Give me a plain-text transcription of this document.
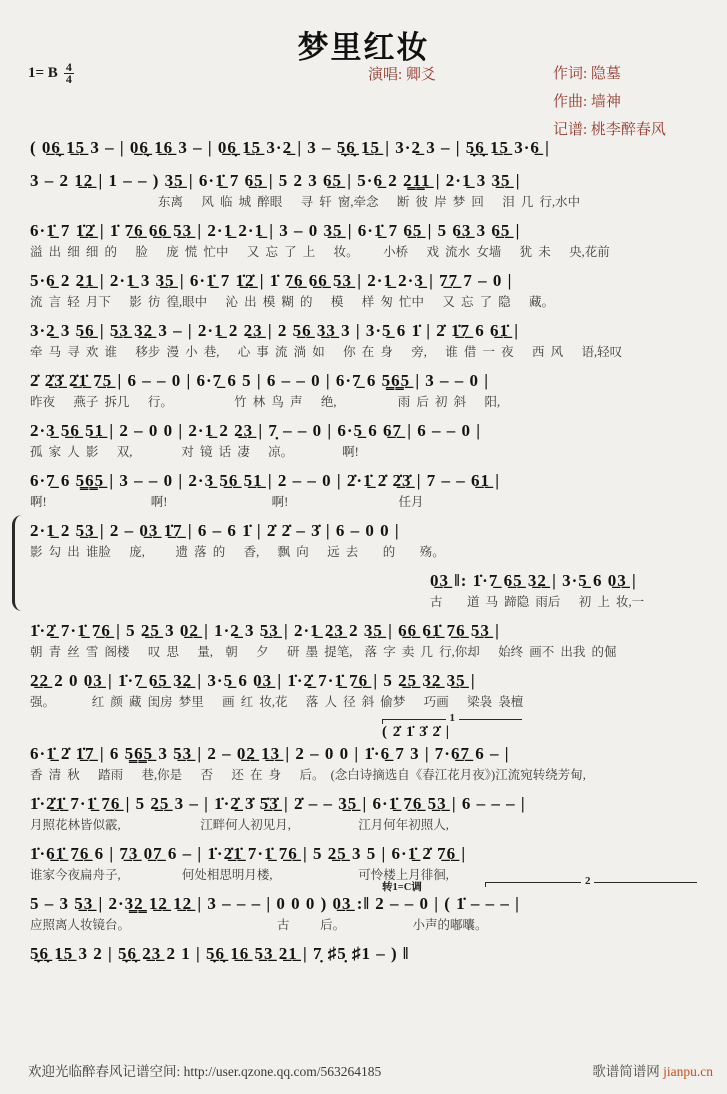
梦里红妆
1= B $\frac{4}{4}$	演唱: 卿爻	作词: 隐墓
作曲: 墙神
记谱: 桃李醉春风
( 0̲6̲̣ 1̲5̲ 3 – | 0̲6̲̣ 1̲6̲ 3 – | 0̲6̲̣ 1̲5̲ 3·2̲ | 3 – 5̲̣6̲̣ 1̲5̲ | 3·2̲ 3 – | 5̲̣6̲̣ 1̲5̲ 3·6̲ |
3 – 2 1̲2̲ | 1 – – ) 3̲5̲ | 6·1̲̇ 7 6̲5̲ | 5 2 3 6̲5̲ | 5·6̲ 2 2̳1̳1̲ | 2·1̲ 3 3̲5̲ |
东离   风 临 城 醉眼   寻 轩 窗,牵念   断 彼 岸 梦 回   泪 几 行,水中
6·1̲̇ 7 1̲̇2̲̇ | 1̇ 7̲6̲ 6̲6̲ 5̲3̲ | 2·1̲ 2·1̲ | 3 – 0 3̲5̲ | 6·1̲̇ 7 6̲5̲ | 5 6̲3̲ 3 6̲5̲ |
溢 出 细 细 的   脸   庞 慌 忙中   又 忘 了 上   妆。    小桥   戏 流水 女墙   犹 未   央,花前
5·6̲ 2 2̲1̲ | 2·1̲ 3 3̲5̲ | 6·1̲̇ 7 1̲̇2̲̇ | 1̇ 7̲6̲ 6̲6̲ 5̲3̲ | 2·1̲ 2·3̲ | 7̲7̲ 7 – 0 |
流 言 轻 月下   影 彷 徨,眼中   沁 出 模 糊 的   模   样 匆 忙中   又 忘 了 隐   藏。
3·2̲ 3 5̲6̲ | 5̲3̲ 3̲2̲ 3 – | 2·1̲ 2 2̲3̲ | 2 5̲6̲ 3̲3̲ 3 | 3·5̲ 6 1̇ | 2̇ 1̲̇7̲ 6 6̲1̲̇ |
牵 马 寻 欢 谁   移步 漫 小 巷,   心 事 流 淌 如   你 在 身   旁,   谁 借 一 夜   西 风   语,轻叹
2̇ 2̲̇3̲̇ 2̲̇1̲̇ 7̲5̲ | 6 – – 0 | 6·7̲ 6 5 | 6 – – 0 | 6·7̲ 6 5̳6̳5̲ | 3 – – 0 |
昨夜   燕子 拆几   行。          竹 林 鸟 声   绝,          雨 后 初 斜   阳,
2·3̲ 5̲6̲ 5̲1̲ | 2 – 0 0 | 2·1̲ 2 2̲3̲ | 7̣ – – 0 | 6·5̲ 6 6̲7̲ | 6 – – 0 |
孤 家 人 影   双,        对 镜 话 凄   凉。        啊!
6·7̲ 6 5̳6̳5̲ | 3 – – 0 | 2·3̲ 5̲6̲ 5̲1̲ | 2 – – 0 | 2̇·1̲̇ 2̇ 2̲̇3̲̇ | 7 – – 6̲1̲ |
啊!                 啊!                 啊!                  任月
2·1̲ 2 5̲3̲ | 2 – 0̲3̲ 1̲̇7̲ | 6 – 6 1̇ | 2̇ 2̇ – 3̇ | 6 – 0 0 |
影 勾 出 谁脸   庞,     遗 落 的   香,   飘 向   远 去    的    殇。
0̲3̲ ‖: 1̇·7̲ 6̲5̲ 3̲2̲ | 3·5̲ 6 0̲3̲ |
古    道 马 蹄隐 雨后   初 上 妆,一
1̇·2̲̇ 7·1̲̇ 7̲6̲ | 5 2̲5̲ 3 0̲2̲ | 1·2̲ 3 5̲3̲ | 2·1̲ 2̲3̲ 2 3̲5̲ | 6̲6̲ 6̲1̲̇ 7̲6̲ 5̲3̲ |
朝 青 丝 雪 阁楼   叹 思   量,  朝   夕   研 墨 提笔,  落 字 卖 几 行,你却   始终 画不 出我 的倔
2̲2̲ 2 0 0̲3̲ | 1̇·7̲ 6̲5̲ 3̲2̲ | 3·5̲ 6 0̲3̲ | 1̇·2̲̇ 7·1̲̇ 7̲6̲ | 5 2̲5̲ 3̲2̲ 3̲5̲ |
强。      红 颜 藏 闺房 梦里   画 红 妆,花   落 人 径 斜 偷梦   巧画   梁袅 袅檀
1
( 2̇ 1̇ 3̇ 2̇ |
6·1̲̇ 2̇ 1̲̇7̲ | 6 5̳6̳5̲ 3 5̲3̲ | 2 – 0̲2̲ 1̲3̲ | 2 – 0 0 | 1̇·6̲ 7 3 | 7·6̲7̲ 6 – |
香 清 秋   踏雨   巷,你是   否   还 在 身   后。 (念白诗摘选自《春江花月夜》)江流宛转绕芳甸,
1̇·2̲̇1̲̇ 7·1̲̇ 7̲6̲ | 5 2̲5̲ 3 – | 1̇·2̲̇ 3̇ 5̲̇3̲̇ | 2̇ – – 3̲5̲ | 6·1̲̇ 7̲6̲ 5̲3̲ | 6 – – – |
月照花林皆似霰,             江畔何人初见月,           江月何年初照人,
1̇·6̲1̲̇ 7̲6̲ 6 | 7̲3̲ 0̲7̲ 6 – | 1̇·2̲̇1̲̇ 7·1̲̇ 7̲6̲ | 5 2̲5̲ 3 5 | 6·1̲̇ 2̇ 7̲6̲ |
谁家今夜扁舟子,          何处相思明月楼,              可怜楼上月徘徊,
转1=C调
2
5 – 3 5̲3̲ | 2·3̳2̳ 1̲2̲ 1̲2̲ | 3 – – – | 0 0 0 ) 0̲3̲ :‖ 2 – – 0 | ( 1̇ – – – |
应照离人妆镜台。                        古     后。           小声的嘟囔。
5̲̣6̲̣ 1̲5̲ 3 2 | 5̲̣6̲̣ 2̲3̲ 2 1 | 5̲̣6̲̣ 1̲6̲ 5̲3̲ 2̲1̲ | 7̣ ♯5̣ ♯1 – ) ‖
欢迎光临醉春风记谱空间: http://user.qzone.qq.com/563264185	歌谱简谱网 jianpu.cn
